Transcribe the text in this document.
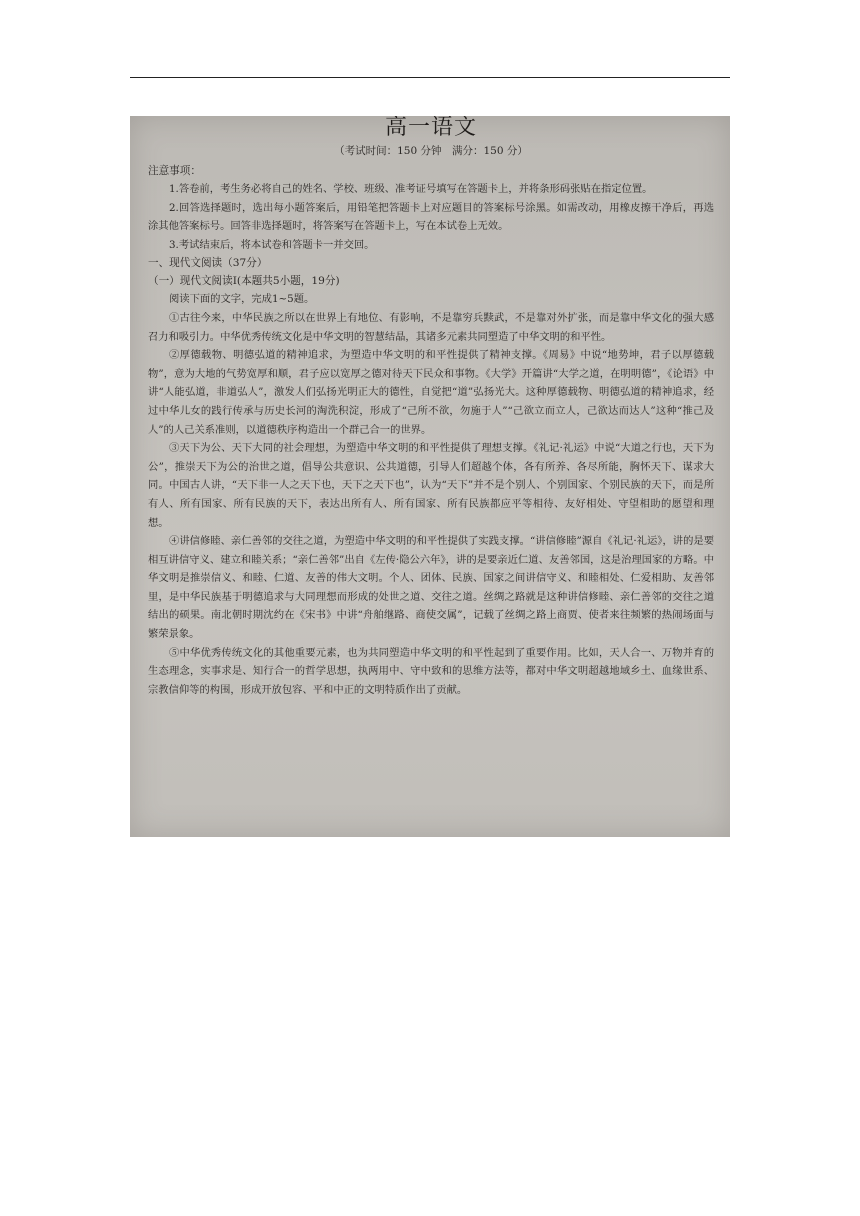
高一语文
（考试时间：150 分钟　满分：150 分）
注意事项：

1.答卷前，考生务必将自己的姓名、学校、班级、准考证号填写在答题卡上，并将条形码张贴在指定位置。

2.回答选择题时，选出每小题答案后，用铅笔把答题卡上对应题目的答案标号涂黑。如需改动，用橡皮擦干净后，再选涂其他答案标号。回答非选择题时，将答案写在答题卡上，写在本试卷上无效。

3.考试结束后，将本试卷和答题卡一并交回。

一、现代文阅读（37分）
（一）现代文阅读Ⅰ(本题共5小题，19分)

阅读下面的文字，完成1~5题。

①古往今来，中华民族之所以在世界上有地位、有影响，不是靠穷兵黩武，不是靠对外扩张，而是靠中华文化的强大感召力和吸引力。中华优秀传统文化是中华文明的智慧结晶，其诸多元素共同塑造了中华文明的和平性。

②厚德载物、明德弘道的精神追求，为塑造中华文明的和平性提供了精神支撑。《周易》中说“地势坤，君子以厚德载物”，意为大地的气势宽厚和顺，君子应以宽厚之德对待天下民众和事物。《大学》开篇讲“大学之道，在明明德”，《论语》中讲“人能弘道，非道弘人”，激发人们弘扬光明正大的德性，自觉把“道”弘扬光大。这种厚德载物、明德弘道的精神追求，经过中华儿女的践行传承与历史长河的淘洗积淀，形成了“己所不欲，勿施于人”“己欲立而立人，己欲达而达人”这种“推己及人”的人己关系准则，以道德秩序构造出一个群己合一的世界。

③天下为公、天下大同的社会理想，为塑造中华文明的和平性提供了理想支撑。《礼记·礼运》中说“大道之行也，天下为公”，推崇天下为公的治世之道，倡导公共意识、公共道德，引导人们超越个体，各有所养、各尽所能，胸怀天下、谋求大同。中国古人讲，“天下非一人之天下也，天下之天下也”，认为“天下”并不是个别人、个别国家、个别民族的天下，而是所有人、所有国家、所有民族的天下，表达出所有人、所有国家、所有民族都应平等相待、友好相处、守望相助的愿望和理想。

④讲信修睦、亲仁善邻的交往之道，为塑造中华文明的和平性提供了实践支撑。“讲信修睦”源自《礼记·礼运》，讲的是要相互讲信守义、建立和睦关系；“亲仁善邻”出自《左传·隐公六年》，讲的是要亲近仁道、友善邻国，这是治理国家的方略。中华文明是推崇信义、和睦、仁道、友善的伟大文明。个人、团体、民族、国家之间讲信守义、和睦相处、仁爱相助、友善邻里，是中华民族基于明德追求与大同理想而形成的处世之道、交往之道。丝绸之路就是这种讲信修睦、亲仁善邻的交往之道结出的硕果。南北朝时期沈约在《宋书》中讲“舟舶继路、商使交属”，记载了丝绸之路上商贾、使者来往频繁的热闹场面与繁荣景象。

⑤中华优秀传统文化的其他重要元素，也为共同塑造中华文明的和平性起到了重要作用。比如，天人合一、万物并育的生态理念，实事求是、知行合一的哲学思想，执两用中、守中致和的思维方法等，都对中华文明超越地域乡土、血缘世系、宗教信仰等的构围，形成开放包容、平和中正的文明特质作出了贡献。
